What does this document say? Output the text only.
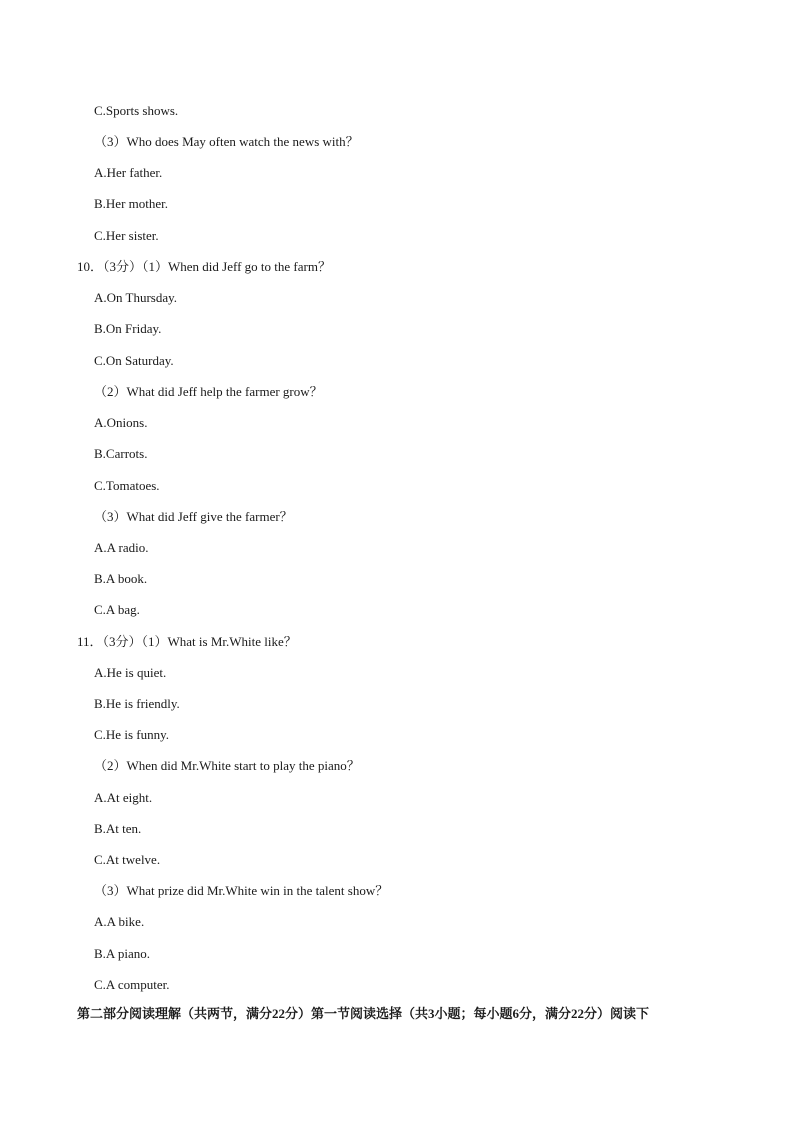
C.Sports shows.
（3）Who does May often watch the news with？
A.Her father.
B.Her mother.
C.Her sister.
10．（3分）（1）When did Jeff go to the farm？
A.On Thursday.
B.On Friday.
C.On Saturday.
（2）What did Jeff help the farmer grow？
A.Onions.
B.Carrots.
C.Tomatoes.
（3）What did Jeff give the farmer？
A.A radio.
B.A book.
C.A bag.
11．（3分）（1）What is Mr.White like？
A.He is quiet.
B.He is friendly.
C.He is funny.
（2）When did Mr.White start to play the piano？
A.At eight.
B.At ten.
C.At twelve.
（3）What prize did Mr.White win in the talent show？
A.A bike.
B.A piano.
C.A computer.
第二部分阅读理解（共两节，满分22分）第一节阅读选择（共3小题；每小题6分，满分22分）阅读下
